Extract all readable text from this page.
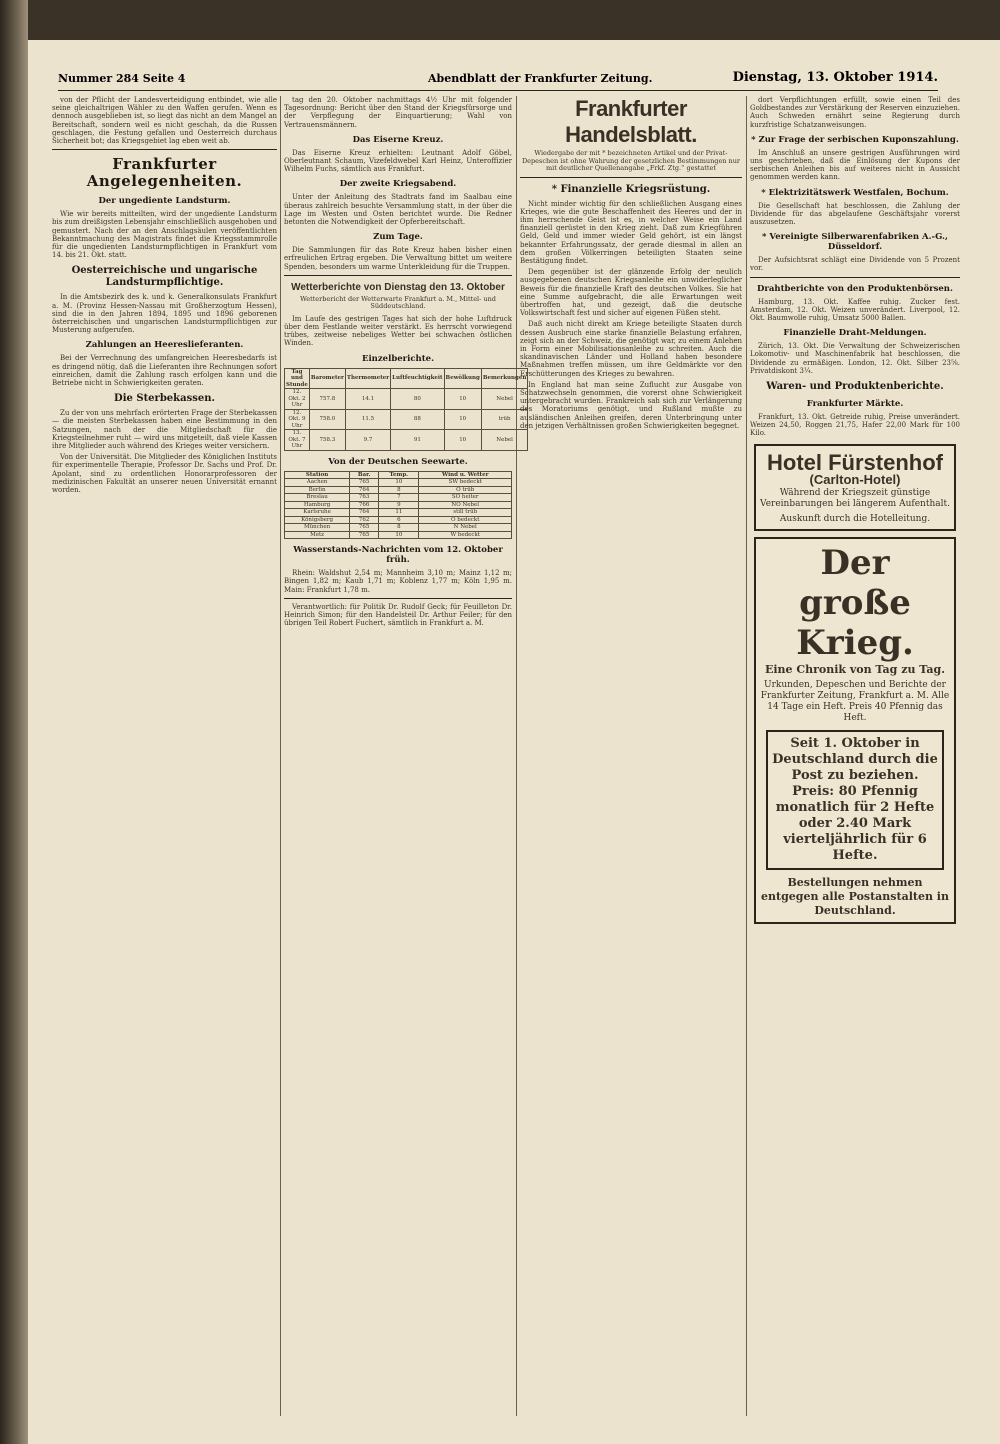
Nummer 284 Seite 4	Abendblatt der Frankfurter Zeitung.	Dienstag, 13. Oktober 1914.

von der Pflicht der Landesverteidigung entbindet, wie alle seine gleichaltrigen Wähler zu den Waffen gerufen. Wenn es dennoch ausgeblieben ist, so liegt das nicht an dem Mangel an Bereitschaft, sondern weil es nicht geschah, da die Russen geschlagen, die Festung gefallen und Oesterreich durchaus Sicherheit bot; das Kriegsgebiet lag eben weit ab.

Frankfurter Angelegenheiten.
Der ungediente Landsturm.

Wie wir bereits mitteilten, wird der ungediente Landsturm bis zum dreißigsten Lebensjahr einschließlich ausgehoben und gemustert. Nach der an den Anschlagsäulen veröffentlichten Bekanntmachung des Magistrats findet die Kriegsstammrolle für die ungedienten Landsturmpflichtigen in Frankfurt vom 14. bis 21. Okt. statt.

Oesterreichische und ungarische Landsturmpflichtige.

In die Amtsbezirk des k. und k. Generalkonsulats Frankfurt a. M. (Provinz Hessen-Nassau mit Großherzogtum Hessen), sind die in den Jahren 1894, 1895 und 1896 geborenen österreichischen und ungarischen Landsturmpflichtigen zur Musterung aufgerufen.

Zahlungen an Heereslieferanten.

Bei der Verrechnung des umfangreichen Heeresbedarfs ist es dringend nötig, daß die Lieferanten ihre Rechnungen sofort einreichen, damit die Zahlung rasch erfolgen kann und die Betriebe nicht in Schwierigkeiten geraten.

Die Sterbekassen.

Zu der von uns mehrfach erörterten Frage der Sterbekassen — die meisten Sterbekassen haben eine Bestimmung in den Satzungen, nach der die Mitgliedschaft für die Kriegsteilnehmer ruht — wird uns mitgeteilt, daß viele Kassen ihre Mitglieder auch während des Krieges weiter versichern.

Von der Universität. Die Mitglieder des Königlichen Instituts für experimentelle Therapie, Professor Dr. Sachs und Prof. Dr. Apolant, sind zu ordentlichen Honorarprofessoren der medizinischen Fakultät an unserer neuen Universität ernannt worden.

tag den 20. Oktober nachmittags 4½ Uhr mit folgender Tagesordnung: Bericht über den Stand der Kriegsfürsorge und der Verpflegung der Einquartierung; Wahl von Vertrauensmännern.

Das Eiserne Kreuz.

Das Eiserne Kreuz erhielten: Leutnant Adolf Göbel, Oberleutnant Schaum, Vizefeldwebel Karl Heinz, Unteroffizier Wilhelm Fuchs, sämtlich aus Frankfurt.

Der zweite Kriegsabend.

Unter der Anleitung des Stadtrats fand im Saalbau eine überaus zahlreich besuchte Versammlung statt, in der über die Lage im Westen und Osten berichtet wurde. Die Redner betonten die Notwendigkeit der Opferbereitschaft.

Zum Tage.

Die Sammlungen für das Rote Kreuz haben bisher einen erfreulichen Ertrag ergeben. Die Verwaltung bittet um weitere Spenden, besonders um warme Unterkleidung für die Truppen.

Wetterberichte von Dienstag den 13. Oktober
Wetterbericht der Wetterwarte Frankfurt a. M., Mittel- und Süddeutschland.

Im Laufe des gestrigen Tages hat sich der hohe Luftdruck über dem Festlande weiter verstärkt. Es herrscht vorwiegend trübes, zeitweise nebeliges Wetter bei schwachen östlichen Winden.

Einzelberichte.
Tag und Stunde	Barometer	Thermometer	Luftfeuchtigkeit	Bewölkung	Bemerkungen
12. Okt. 2 Uhr	757.8	14.1	80	10	Nebel
12. Okt. 9 Uhr	758.0	11.5	88	10	trüb
13. Okt. 7 Uhr	758.3	9.7	91	10	Nebel
Von der Deutschen Seewarte.
Station	Bar.	Temp.	Wind u. Wetter
Aachen	765	10	SW bedeckt
Berlin	764	8	O trüb
Breslau	763	7	SO heiter
Hamburg	766	9	NO Nebel
Karlsruhe	764	11	still trüb
Königsberg	762	6	O bedeckt
München	765	8	N Nebel
Metz	765	10	W bedeckt
Wasserstands-Nachrichten vom 12. Oktober früh.

Rhein: Waldshut 2,54 m; Mannheim 3,10 m; Mainz 1,12 m; Bingen 1,82 m; Kaub 1,71 m; Koblenz 1,77 m; Köln 1,95 m. Main: Frankfurt 1,78 m.

Verantwortlich: für Politik Dr. Rudolf Geck; für Feuilleton Dr. Heinrich Simon; für den Handelsteil Dr. Arthur Feiler; für den übrigen Teil Robert Fuchert, sämtlich in Frankfurt a. M.

Frankfurter Handelsblatt.
Wiedergabe der mit * bezeichneten Artikel und der Privat-Depeschen ist ohne Wahrung der gesetzlichen Bestimmungen nur mit deutlicher Quellenangabe „Frkf. Ztg.“ gestattet
* Finanzielle Kriegsrüstung.

Nicht minder wichtig für den schließlichen Ausgang eines Krieges, wie die gute Beschaffenheit des Heeres und der in ihm herrschende Geist ist es, in welcher Weise ein Land finanziell gerüstet in den Krieg zieht. Daß zum Kriegführen Geld, Geld und immer wieder Geld gehört, ist ein längst bekannter Erfahrungssatz, der gerade diesmal in allen an dem großen Völkerringen beteiligten Staaten seine Bestätigung findet.

Dem gegenüber ist der glänzende Erfolg der neulich ausgegebenen deutschen Kriegsanleihe ein unwiderleglicher Beweis für die finanzielle Kraft des deutschen Volkes. Sie hat eine Summe aufgebracht, die alle Erwartungen weit übertroffen hat, und gezeigt, daß die deutsche Volkswirtschaft fest und sicher auf eigenen Füßen steht.

Daß auch nicht direkt am Kriege beteiligte Staaten durch dessen Ausbruch eine starke finanzielle Belastung erfahren, zeigt sich an der Schweiz, die genötigt war, zu einem Anlehen in Form einer Mobilisationsanleihe zu schreiten. Auch die skandinavischen Länder und Holland haben besondere Maßnahmen treffen müssen, um ihre Geldmärkte vor den Erschütterungen des Krieges zu bewahren.

In England hat man seine Zuflucht zur Ausgabe von Schatzwechseln genommen, die vorerst ohne Schwierigkeit untergebracht wurden. Frankreich sah sich zur Verlängerung des Moratoriums genötigt, und Rußland mußte zu ausländischen Anleihen greifen, deren Unterbringung unter den jetzigen Verhältnissen großen Schwierigkeiten begegnet.

dort Verpflichtungen erfüllt, sowie einen Teil des Goldbestandes zur Verstärkung der Reserven einzuziehen. Auch Schweden ernährt seine Regierung durch kurzfristige Schatzanweisungen.

* Zur Frage der serbischen Kuponszahlung.

Im Anschluß an unsere gestrigen Ausführungen wird uns geschrieben, daß die Einlösung der Kupons der serbischen Anleihen bis auf weiteres nicht in Aussicht genommen werden kann.

* Elektrizitätswerk Westfalen, Bochum.

Die Gesellschaft hat beschlossen, die Zahlung der Dividende für das abgelaufene Geschäftsjahr vorerst auszusetzen.

* Vereinigte Silberwarenfabriken A.-G., Düsseldorf.

Der Aufsichtsrat schlägt eine Dividende von 5 Prozent vor.

Drahtberichte von den Produktenbörsen.

Hamburg, 13. Okt. Kaffee ruhig. Zucker fest. Amsterdam, 12. Okt. Weizen unverändert. Liverpool, 12. Okt. Baumwolle ruhig, Umsatz 5000 Ballen.

Finanzielle Draht-Meldungen.

Zürich, 13. Okt. Die Verwaltung der Schweizerischen Lokomotiv- und Maschinenfabrik hat beschlossen, die Dividende zu ermäßigen. London, 12. Okt. Silber 23⅝. Privatdiskont 3¼.

Waren- und Produktenberichte.
Frankfurter Märkte.

Frankfurt, 13. Okt. Getreide ruhig, Preise unverändert. Weizen 24,50, Roggen 21,75, Hafer 22,00 Mark für 100 Kilo.

Hotel Fürstenhof
(Carlton-Hotel)
Während der Kriegszeit günstige Vereinbarungen bei längerem Aufenthalt.
Auskunft durch die Hotelleitung.
Der große Krieg.
Eine Chronik von Tag zu Tag.
Urkunden, Depeschen und Berichte der Frankfurter Zeitung, Frankfurt a. M. Alle 14 Tage ein Heft. Preis 40 Pfennig das Heft.
Seit 1. Oktober in Deutschland durch die Post zu beziehen. Preis: 80 Pfennig monatlich für 2 Hefte oder 2.40 Mark vierteljährlich für 6 Hefte.
Bestellungen nehmen entgegen alle Postanstalten in Deutschland.
